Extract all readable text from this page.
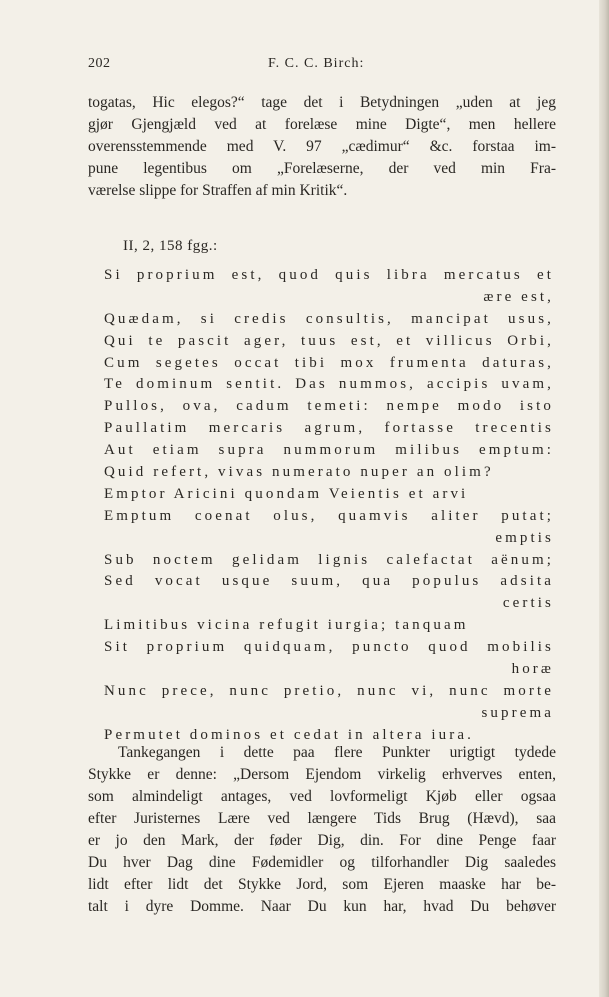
202	F. C. C. Birch:
togatas, Hic elegos?“ tage det i Betydningen „uden at jeg
gjør Gjengjæld ved at forelæse mine Digte“, men hellere
overensstemmende med V. 97 „cædimur“ &c. forstaa im-
pune legentibus om „Forelæserne, der ved min Fra-
værelse slippe for Straffen af min Kritik“.
II, 2, 158 fgg.:
Si proprium est, quod quis libra mercatus et
ære est,
Quædam, si credis consultis, mancipat usus,
Qui te pascit ager, tuus est, et villicus Orbi,
Cum segetes occat tibi mox frumenta daturas,
Te dominum sentit. Das nummos, accipis uvam,
Pullos, ova, cadum temeti: nempe modo isto
Paullatim mercaris agrum, fortasse trecentis
Aut etiam supra nummorum milibus emptum:
Quid refert, vivas numerato nuper an olim?
Emptor Aricini quondam Veientis et arvi
Emptum coenat olus, quamvis aliter putat;
emptis
Sub noctem gelidam lignis calefactat aënum;
Sed vocat usque suum, qua populus adsita
certis
Limitibus vicina refugit iurgia; tanquam
Sit proprium quidquam, puncto quod mobilis
horæ
Nunc prece, nunc pretio, nunc vi, nunc morte
suprema
Permutet dominos et cedat in altera iura.
Tankegangen i dette paa flere Punkter urigtigt tydede
Stykke er denne: „Dersom Ejendom virkelig erhverves enten,
som almindeligt antages, ved lovformeligt Kjøb eller ogsaa
efter Juristernes Lære ved længere Tids Brug (Hævd), saa
er jo den Mark, der føder Dig, din. For dine Penge faar
Du hver Dag dine Fødemidler og tilforhandler Dig saaledes
lidt efter lidt det Stykke Jord, som Ejeren maaske har be-
talt i dyre Domme. Naar Du kun har, hvad Du behøver
